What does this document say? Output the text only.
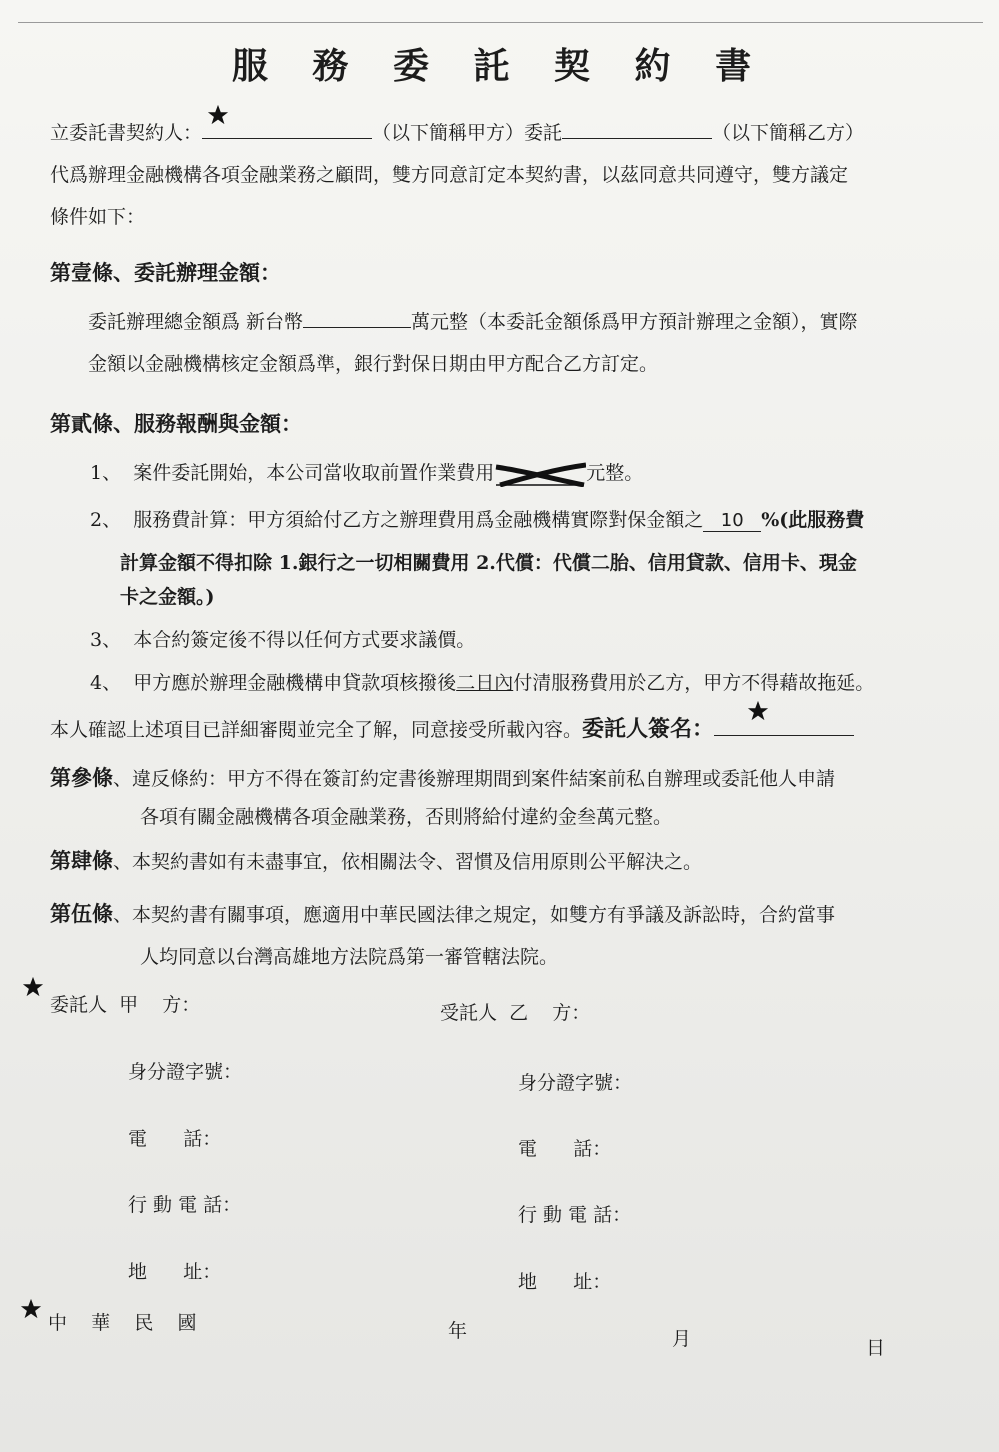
服 務 委 託 契 約 書
立委託書契約人：	（以下簡稱甲方）委託	（以下簡稱乙方）
代爲辦理金融機構各項金融業務之顧問，雙方同意訂定本契約書，以茲同意共同遵守，雙方議定
條件如下：
第壹條、委託辦理金額：
委託辦理總金額爲 新台幣	萬元整（本委託金額係爲甲方預計辦理之金額），實際
金額以金融機構核定金額爲準，銀行對保日期由甲方配合乙方訂定。
第貳條、服務報酬與金額：
1、 案件委託開始，本公司當收取前置作業費用	元整。
2、 服務費計算：甲方須給付乙方之辦理費用爲金融機構實際對保金額之 10 %(此服務費
計算金額不得扣除 1.銀行之一切相關費用 2.代償：代償二胎、信用貸款、信用卡、現金
卡之金額。)
3、 本合約簽定後不得以任何方式要求議價。
4、 甲方應於辦理金融機構申貸款項核撥後二日內付清服務費用於乙方，甲方不得藉故拖延。
本人確認上述項目已詳細審閱並完全了解，同意接受所載內容。委託人簽名：
第參條、違反條約：甲方不得在簽訂約定書後辦理期間到案件結案前私自辦理或委託他人申請
各項有關金融機構各項金融業務，否則將給付違約金叁萬元整。
第肆條、本契約書如有未盡事宜，依相關法令、習慣及信用原則公平解決之。
第伍條、本契約書有關事項，應適用中華民國法律之規定，如雙方有爭議及訴訟時，合約當事
人均同意以台灣高雄地方法院爲第一審管轄法院。
委託人  甲    方：
身分證字號：
電      話：
行 動 電 話：
地      址：
受託人  乙    方：
身分證字號：
電      話：
行 動 電 話：
地      址：
中    華    民    國	年	月	日
